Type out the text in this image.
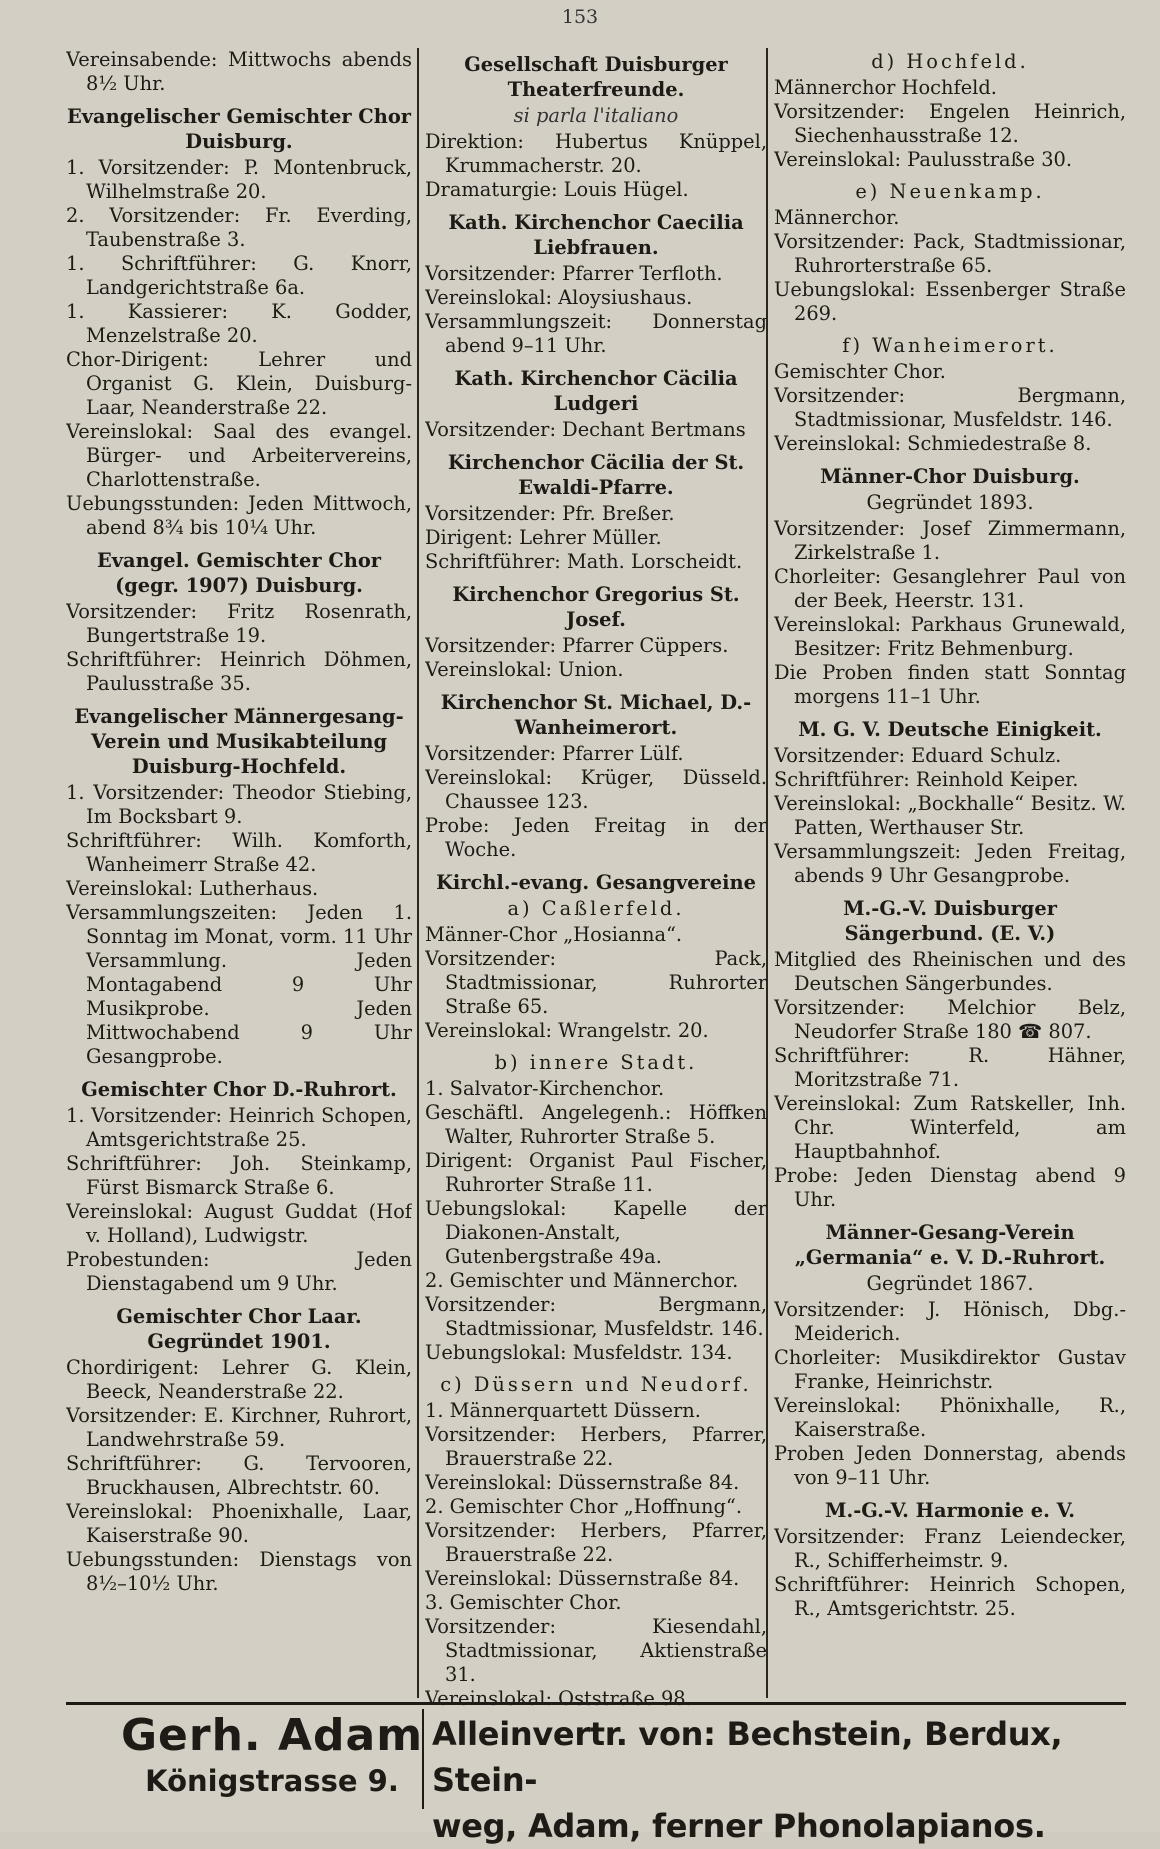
153
Vereinsabende: Mittwochs abends 8½ Uhr.
Evangelischer Gemischter Chor Duisburg.
1. Vorsitzender: P. Montenbruck, Wilhelmstraße 20.
2. Vorsitzender: Fr. Everding, Taubenstraße 3.
1. Schriftführer: G. Knorr, Landgerichtstraße 6a.
1. Kassierer: K. Godder, Menzelstraße 20.
Chor-Dirigent: Lehrer und Organist G. Klein, Duisburg-Laar, Neanderstraße 22.
Vereinslokal: Saal des evangel. Bürger- und Arbeitervereins, Charlottenstraße.
Uebungsstunden: Jeden Mittwoch, abend 8¾ bis 10¼ Uhr.
Evangel. Gemischter Chor (gegr. 1907) Duisburg.
Vorsitzender: Fritz Rosenrath, Bungertstraße 19.
Schriftführer: Heinrich Döhmen, Paulusstraße 35.
Evangelischer Männergesang-Verein und Musikabteilung Duisburg-Hochfeld.
1. Vorsitzender: Theodor Stiebing, Im Bocksbart 9.
Schriftführer: Wilh. Komforth, Wanheimerr Straße 42.
Vereinslokal: Lutherhaus.
Versammlungszeiten: Jeden 1. Sonntag im Monat, vorm. 11 Uhr Versammlung. Jeden Montagabend 9 Uhr Musikprobe. Jeden Mittwochabend 9 Uhr Gesangprobe.
Gemischter Chor D.-Ruhrort.
1. Vorsitzender: Heinrich Schopen, Amtsgerichtstraße 25.
Schriftführer: Joh. Steinkamp, Fürst Bismarck Straße 6.
Vereinslokal: August Guddat (Hof v. Holland), Ludwigstr.
Probestunden: Jeden Dienstagabend um 9 Uhr.
Gemischter Chor Laar. Gegründet 1901.
Chordirigent: Lehrer G. Klein, Beeck, Neanderstraße 22.
Vorsitzender: E. Kirchner, Ruhrort, Landwehrstraße 59.
Schriftführer: G. Tervooren, Bruckhausen, Albrechtstr. 60.
Vereinslokal: Phoenixhalle, Laar, Kaiserstraße 90.
Uebungsstunden: Dienstags von 8½–10½ Uhr.
Gesellschaft Duisburger Theaterfreunde.
si parla l'italiano
Direktion: Hubertus Knüppel, Krummacherstr. 20.
Dramaturgie: Louis Hügel.
Kath. Kirchenchor Caecilia Liebfrauen.
Vorsitzender: Pfarrer Terfloth.
Vereinslokal: Aloysiushaus.
Versammlungszeit: Donnerstag abend 9–11 Uhr.
Kath. Kirchenchor Cäcilia Ludgeri
Vorsitzender: Dechant Bertmans
Kirchenchor Cäcilia der St. Ewaldi-Pfarre.
Vorsitzender: Pfr. Breßer.
Dirigent: Lehrer Müller.
Schriftführer: Math. Lorscheidt.
Kirchenchor Gregorius St. Josef.
Vorsitzender: Pfarrer Cüppers.
Vereinslokal: Union.
Kirchenchor St. Michael, D.-Wanheimerort.
Vorsitzender: Pfarrer Lülf.
Vereinslokal: Krüger, Düsseld. Chaussee 123.
Probe: Jeden Freitag in der Woche.
Kirchl.-evang. Gesangvereine
a) Caßlerfeld.
Männer-Chor „Hosianna“.
Vorsitzender: Pack, Stadtmissionar, Ruhrorter Straße 65.
Vereinslokal: Wrangelstr. 20.
b) innere Stadt.
1. Salvator-Kirchenchor.
Geschäftl. Angelegenh.: Höffken Walter, Ruhrorter Straße 5.
Dirigent: Organist Paul Fischer, Ruhrorter Straße 11.
Uebungslokal: Kapelle der Diakonen-Anstalt, Gutenbergstraße 49a.
2. Gemischter und Männerchor.
Vorsitzender: Bergmann, Stadtmissionar, Musfeldstr. 146.
Uebungslokal: Musfeldstr. 134.
c) Düssern und Neudorf.
1. Männerquartett Düssern.
Vorsitzender: Herbers, Pfarrer, Brauerstraße 22.
Vereinslokal: Düssernstraße 84.
2. Gemischter Chor „Hoffnung“.
Vorsitzender: Herbers, Pfarrer, Brauerstraße 22.
Vereinslokal: Düssernstraße 84.
3. Gemischter Chor.
Vorsitzender: Kiesendahl, Stadtmissionar, Aktienstraße 31.
Vereinslokal: Oststraße 98.
d) Hochfeld.
Männerchor Hochfeld.
Vorsitzender: Engelen Heinrich, Siechenhausstraße 12.
Vereinslokal: Paulusstraße 30.
e) Neuenkamp.
Männerchor.
Vorsitzender: Pack, Stadtmissionar, Ruhrorterstraße 65.
Uebungslokal: Essenberger Straße 269.
f) Wanheimerort.
Gemischter Chor.
Vorsitzender: Bergmann, Stadtmissionar, Musfeldstr. 146.
Vereinslokal: Schmiedestraße 8.
Männer-Chor Duisburg.
Gegründet 1893.
Vorsitzender: Josef Zimmermann, Zirkelstraße 1.
Chorleiter: Gesanglehrer Paul von der Beek, Heerstr. 131.
Vereinslokal: Parkhaus Grunewald, Besitzer: Fritz Behmenburg.
Die Proben finden statt Sonntag morgens 11–1 Uhr.
M. G. V. Deutsche Einigkeit.
Vorsitzender: Eduard Schulz.
Schriftführer: Reinhold Keiper.
Vereinslokal: „Bockhalle“ Besitz. W. Patten, Werthauser Str.
Versammlungszeit: Jeden Freitag, abends 9 Uhr Gesangprobe.
M.-G.-V. Duisburger Sängerbund. (E. V.)
Mitglied des Rheinischen und des Deutschen Sängerbundes.
Vorsitzender: Melchior Belz, Neudorfer Straße 180 ☎ 807.
Schriftführer: R. Hähner, Moritzstraße 71.
Vereinslokal: Zum Ratskeller, Inh. Chr. Winterfeld, am Hauptbahnhof.
Probe: Jeden Dienstag abend 9 Uhr.
Männer-Gesang-Verein „Germania“ e. V. D.-Ruhrort.
Gegründet 1867.
Vorsitzender: J. Hönisch, Dbg.-Meiderich.
Chorleiter: Musikdirektor Gustav Franke, Heinrichstr.
Vereinslokal: Phönixhalle, R., Kaiserstraße.
Proben Jeden Donnerstag, abends von 9–11 Uhr.
M.-G.-V. Harmonie e. V.
Vorsitzender: Franz Leiendecker, R., Schifferheimstr. 9.
Schriftführer: Heinrich Schopen, R., Amtsgerichtstr. 25.
Gerh. Adam
Königstrasse 9.
Alleinvertr. von: Bechstein, Berdux, Stein-
weg, Adam, ferner Phonolapianos.
